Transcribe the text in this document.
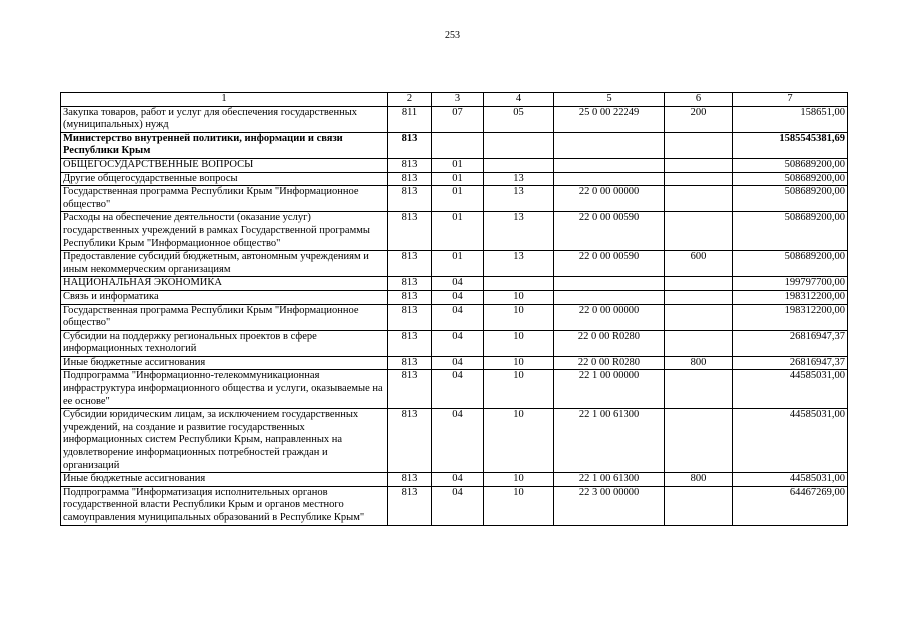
253
1	2	3	4	5	6	7
Закупка товаров, работ и услуг для обеспечения государственных (муниципальных) нужд	811	07	05	25 0 00 22249	200	158651,00
Министерство внутренней политики, информации и связи Республики Крым	813					1585545381,69
ОБЩЕГОСУДАРСТВЕННЫЕ ВОПРОСЫ	813	01				508689200,00
Другие общегосударственные вопросы	813	01	13			508689200,00
Государственная программа Республики Крым "Информационное общество"	813	01	13	22 0 00 00000		508689200,00
Расходы на обеспечение деятельности (оказание услуг) государственных учреждений в рамках Государственной программы Республики Крым "Информационное общество"	813	01	13	22 0 00 00590		508689200,00
Предоставление субсидий бюджетным, автономным учреждениям и иным некоммерческим организациям	813	01	13	22 0 00 00590	600	508689200,00
НАЦИОНАЛЬНАЯ ЭКОНОМИКА	813	04				199797700,00
Связь и информатика	813	04	10			198312200,00
Государственная программа Республики Крым "Информационное общество"	813	04	10	22 0 00 00000		198312200,00
Субсидии на поддержку региональных проектов в сфере информационных технологий	813	04	10	22 0 00 R0280		26816947,37
Иные бюджетные ассигнования	813	04	10	22 0 00 R0280	800	26816947,37
Подпрограмма "Информационно-телекоммуникационная инфраструктура информационного общества и услуги, оказываемые на ее основе"	813	04	10	22 1 00 00000		44585031,00
Субсидии юридическим лицам, за исключением государственных учреждений, на создание и развитие государственных информационных систем Республики Крым, направленных на удовлетворение информационных потребностей граждан и организаций	813	04	10	22 1 00 61300		44585031,00
Иные бюджетные ассигнования	813	04	10	22 1 00 61300	800	44585031,00
Подпрограмма "Информатизация исполнительных органов государственной власти Республики Крым и органов местного самоуправления муниципальных образований в Республике Крым"	813	04	10	22 3 00 00000		64467269,00
